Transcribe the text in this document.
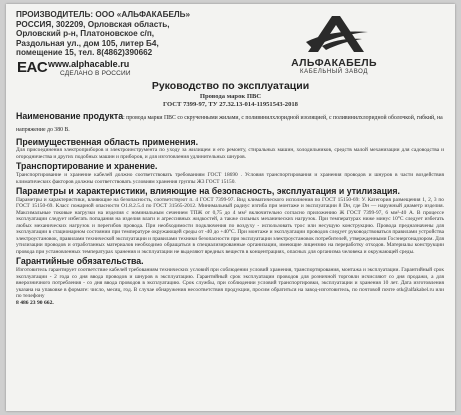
ПРОИЗВОДИТЕЛЬ: ООО «АЛЬФАКАБЕЛЬ»
РОССИЯ, 302209, Орловская область,
Орловский р-н, Платоновское с/п,
Раздольная ул., дом 105, литер Б4,
помещение 15, тел. 8(4862)390662
EAC www.alphacable.ru
СДЕЛАНО В РОССИИ
АЛЬФАКАБЕЛЬ
КАБЕЛЬНЫЙ ЗАВОД
Руководство по эксплуатации
Провода марок ПВС
ГОСТ 7399-97, ТУ 27.32.13-014-11951543-2018
Наименование продукта: провода марки ПВС со скрученными жилами, с поливинилхлоридной изоляцией, с поливинилхлоридной оболочкой, гибкий, на напряжение до 380 В.
Преимущественная область применения.

Для присоединения электроприборов и электроинструмента по уходу за жилищем и его ремонту, стиральных машин, холодильников, средств малой механизации для садоводства и огородничества и других подобных машин и приборов, и для изготовления удлинительных шнуров.

Транспортирование и хранение.

Транспортирование и хранение кабелей должно соответствовать требованиям ГОСТ 18690 . Условия транспортирования и хранения проводов и шнуров в части воздействия климатических факторов должны соответствовать условиям хранения группы Ж3 ГОСТ 15150.

Параметры и характеристики, влияющие на безопасность, эксплуатация и утилизация.

Параметры и характеристики, влияющие на безопасность, соответствуют п. 4 ГОСТ 7399-97. Вид климатического исполнения по ГОСТ 15150-69: У. Категория размещения 1, 2, 3 по ГОСТ 15150-69. Класс пожарной опасности О1.8.2.5.4 по ГОСТ 31565-2012. Минимальный радиус изгиба при монтаже и эксплуатации 8 Dн, где Dн — наружный диаметр изделия. Максимальные токовые нагрузки на изделия с номинальным сечением ТПЖ от 0,75 до 4 мм² включительно согласно приложению Ж ГОСТ 7399-97, 6 мм²-40 А. В процессе эксплуатации следует избегать попадания на изделия влаги и агрессивных жидкостей, а также сильных механических нагрузок. При температурах ниже минус 10°С следует избегать любых механических нагрузок и перегибов провода. При необходимости подключения по воздуху - использовать трос или несущую конструкцию. Провода предназначены для эксплуатации в стационарном состоянии при температуре окружающей среды от -40 до +40°С. При монтаже и эксплуатации проводов следует руководствоваться правилами устройства электроустановок, правилами технической эксплуатации и правилами техники безопасности при эксплуатации электроустановок потребителей, утвержденными Госэнергонадзором. Для утилизации проводов и отработанных материалов необходимо обращаться в специализированные организации, имеющие лицензию на переработку отходов. Материалы конструкции провода при установленных температурах хранения и эксплуатации не выделяют вредных веществ в концентрациях, опасных для организма человека и окружающей среды.

Гарантийные обязательства.

Изготовитель гарантирует соответствие кабелей требованиям технических условий при соблюдении условий хранения, транспортирования, монтажа и эксплуатации. Гарантийный срок эксплуатации - 2 года со дня ввода проводов и шнуров в эксплуатацию. Гарантийный срок эксплуатации проводов для розничной торговли исчисляют со дня продажи, а для внерозничного потребления - со дня ввода проводов в эксплуатацию. Срок службы, при соблюдении условий транспортировки, эксплуатации и хранения 10 лет. Дата изготовления указана на упаковке в формате: число, месяц, год. В случае обнаружения несоответствия продукции, просим обратиться на завод-изготовитель, по почтовой почте otk@alfakabel.ru или по телефону

8 486 23 90 662.
